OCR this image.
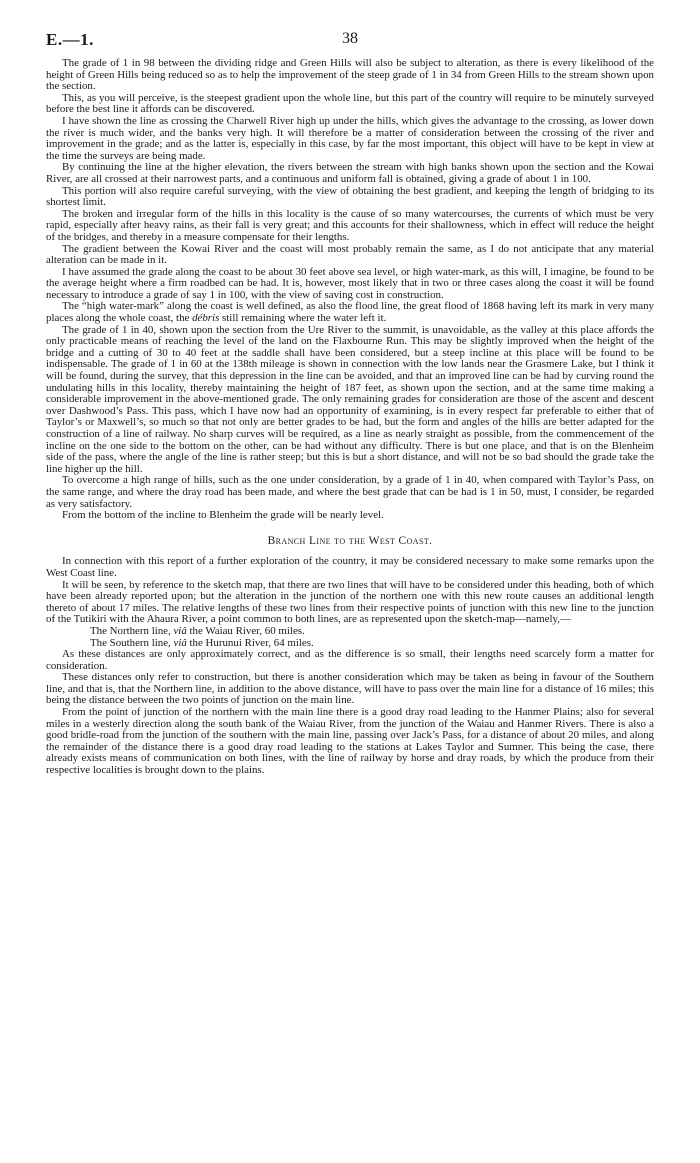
E.—1.	38

The grade of 1 in 98 between the dividing ridge and Green Hills will also be subject to alteration, as there is every likelihood of the height of Green Hills being reduced so as to help the improvement of the steep grade of 1 in 34 from Green Hills to the stream shown upon the section.

This, as you will perceive, is the steepest gradient upon the whole line, but this part of the country will require to be minutely surveyed before the best line it affords can be discovered.

I have shown the line as crossing the Charwell River high up under the hills, which gives the advantage to the crossing, as lower down the river is much wider, and the banks very high. It will therefore be a matter of consideration between the crossing of the river and improvement in the grade; and as the latter is, especially in this case, by far the most important, this object will have to be kept in view at the time the surveys are being made.

By continuing the line at the higher elevation, the rivers between the stream with high banks shown upon the section and the Kowai River, are all crossed at their narrowest parts, and a continuous and uniform fall is obtained, giving a grade of about 1 in 100.

This portion will also require careful surveying, with the view of obtaining the best gradient, and keeping the length of bridging to its shortest limit.

The broken and irregular form of the hills in this locality is the cause of so many watercourses, the currents of which must be very rapid, especially after heavy rains, as their fall is very great; and this accounts for their shallowness, which in effect will reduce the height of the bridges, and thereby in a measure compensate for their lengths.

The gradient between the Kowai River and the coast will most probably remain the same, as I do not anticipate that any material alteration can be made in it.

I have assumed the grade along the coast to be about 30 feet above sea level, or high water-mark, as this will, I imagine, be found to be the average height where a firm roadbed can be had. It is, however, most likely that in two or three cases along the coast it will be found necessary to introduce a grade of say 1 in 100, with the view of saving cost in construction.

The “high water-mark” along the coast is well defined, as also the flood line, the great flood of 1868 having left its mark in very many places along the whole coast, the débris still remaining where the water left it.

The grade of 1 in 40, shown upon the section from the Ure River to the summit, is unavoidable, as the valley at this place affords the only practicable means of reaching the level of the land on the Flaxbourne Run. This may be slightly improved when the height of the bridge and a cutting of 30 to 40 feet at the saddle shall have been considered, but a steep incline at this place will be found to be indispensable. The grade of 1 in 60 at the 138th mileage is shown in connection with the low lands near the Grasmere Lake, but I think it will be found, during the survey, that this depression in the line can be avoided, and that an improved line can be had by curving round the undulating hills in this locality, thereby maintaining the height of 187 feet, as shown upon the section, and at the same time making a considerable improvement in the above-mentioned grade. The only remaining grades for consideration are those of the ascent and descent over Dashwood’s Pass. This pass, which I have now had an opportunity of examining, is in every respect far preferable to either that of Taylor’s or Maxwell’s, so much so that not only are better grades to be had, but the form and angles of the hills are better adapted for the construction of a line of railway. No sharp curves will be required, as a line as nearly straight as possible, from the commencement of the incline on the one side to the bottom on the other, can be had without any difficulty. There is but one place, and that is on the Blenheim side of the pass, where the angle of the line is rather steep; but this is but a short distance, and will not be so bad should the grade take the line higher up the hill.

To overcome a high range of hills, such as the one under consideration, by a grade of 1 in 40, when compared with Taylor’s Pass, on the same range, and where the dray road has been made, and where the best grade that can be had is 1 in 50, must, I consider, be regarded as very satisfactory.

From the bottom of the incline to Blenheim the grade will be nearly level.

Branch Line to the West Coast.

In connection with this report of a further exploration of the country, it may be considered necessary to make some remarks upon the West Coast line.

It will be seen, by reference to the sketch map, that there are two lines that will have to be considered under this heading, both of which have been already reported upon; but the alteration in the junction of the northern one with this new route causes an additional length thereto of about 17 miles. The relative lengths of these two lines from their respective points of junction with this new line to the junction of the Tutikiri with the Ahaura River, a point common to both lines, are as represented upon the sketch-map—namely,—

The Northern line, viâ the Waiau River, 60 miles.

The Southern line, viâ the Hurunui River, 64 miles.

As these distances are only approximately correct, and as the difference is so small, their lengths need scarcely form a matter for consideration.

These distances only refer to construction, but there is another consideration which may be taken as being in favour of the Southern line, and that is, that the Northern line, in addition to the above distance, will have to pass over the main line for a distance of 16 miles; this being the distance between the two points of junction on the main line.

From the point of junction of the northern with the main line there is a good dray road leading to the Hanmer Plains; also for several miles in a westerly direction along the south bank of the Waiau River, from the junction of the Waiau and Hanmer Rivers. There is also a good bridle-road from the junction of the southern with the main line, passing over Jack’s Pass, for a distance of about 20 miles, and along the remainder of the distance there is a good dray road leading to the stations at Lakes Taylor and Sumner. This being the case, there already exists means of communication on both lines, with the line of railway by horse and dray roads, by which the produce from their respective localities is brought down to the plains.
